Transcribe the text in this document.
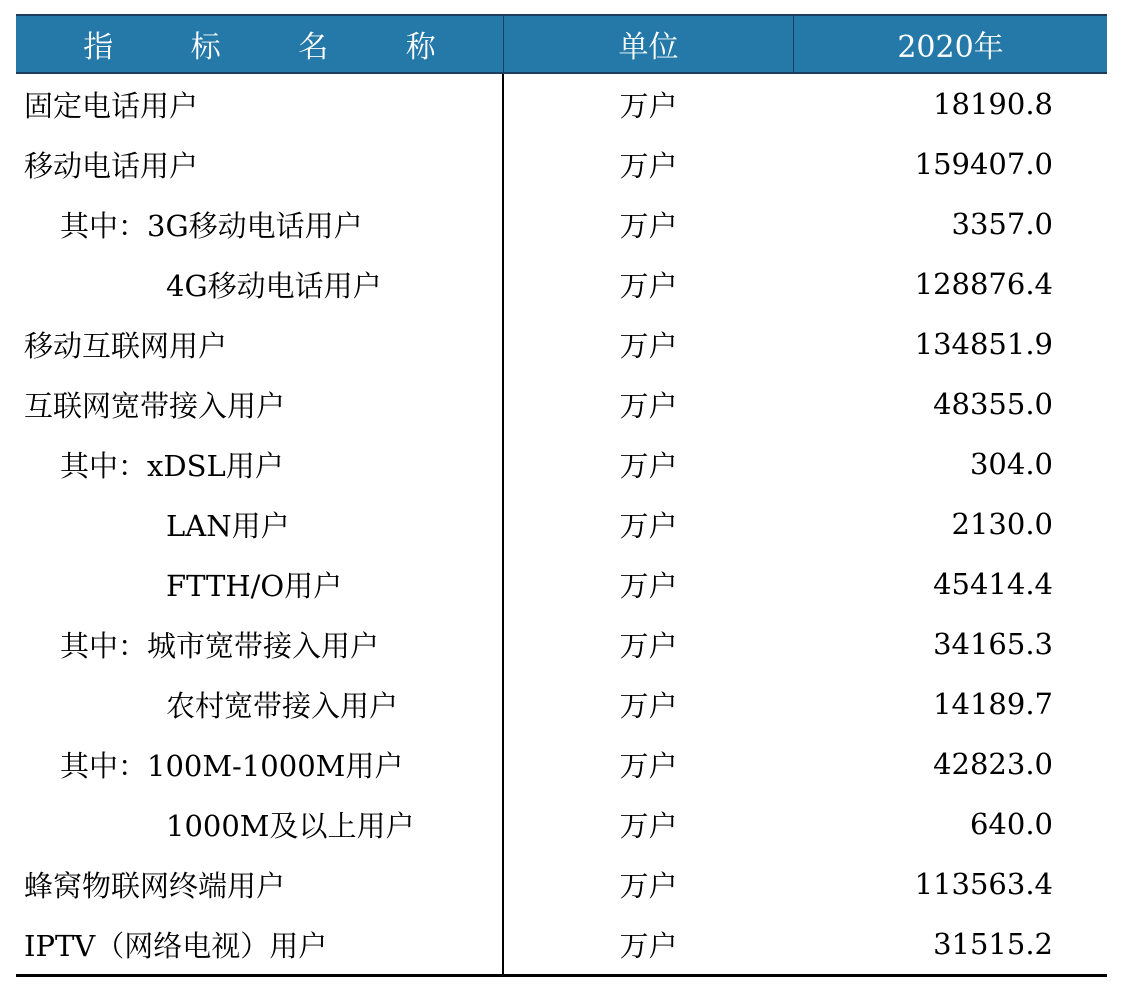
指 标 名 称	单位	2020年
固定电话用户	万户	18190.8
移动电话用户	万户	159407.0
其中：3G移动电话用户	万户	3357.0
4G移动电话用户	万户	128876.4
移动互联网用户	万户	134851.9
互联网宽带接入用户	万户	48355.0
其中：xDSL用户	万户	304.0
LAN用户	万户	2130.0
FTTH/O用户	万户	45414.4
其中：城市宽带接入用户	万户	34165.3
农村宽带接入用户	万户	14189.7
其中：100M-1000M用户	万户	42823.0
1000M及以上用户	万户	640.0
蜂窝物联网终端用户	万户	113563.4
IPTV（网络电视）用户	万户	31515.2
